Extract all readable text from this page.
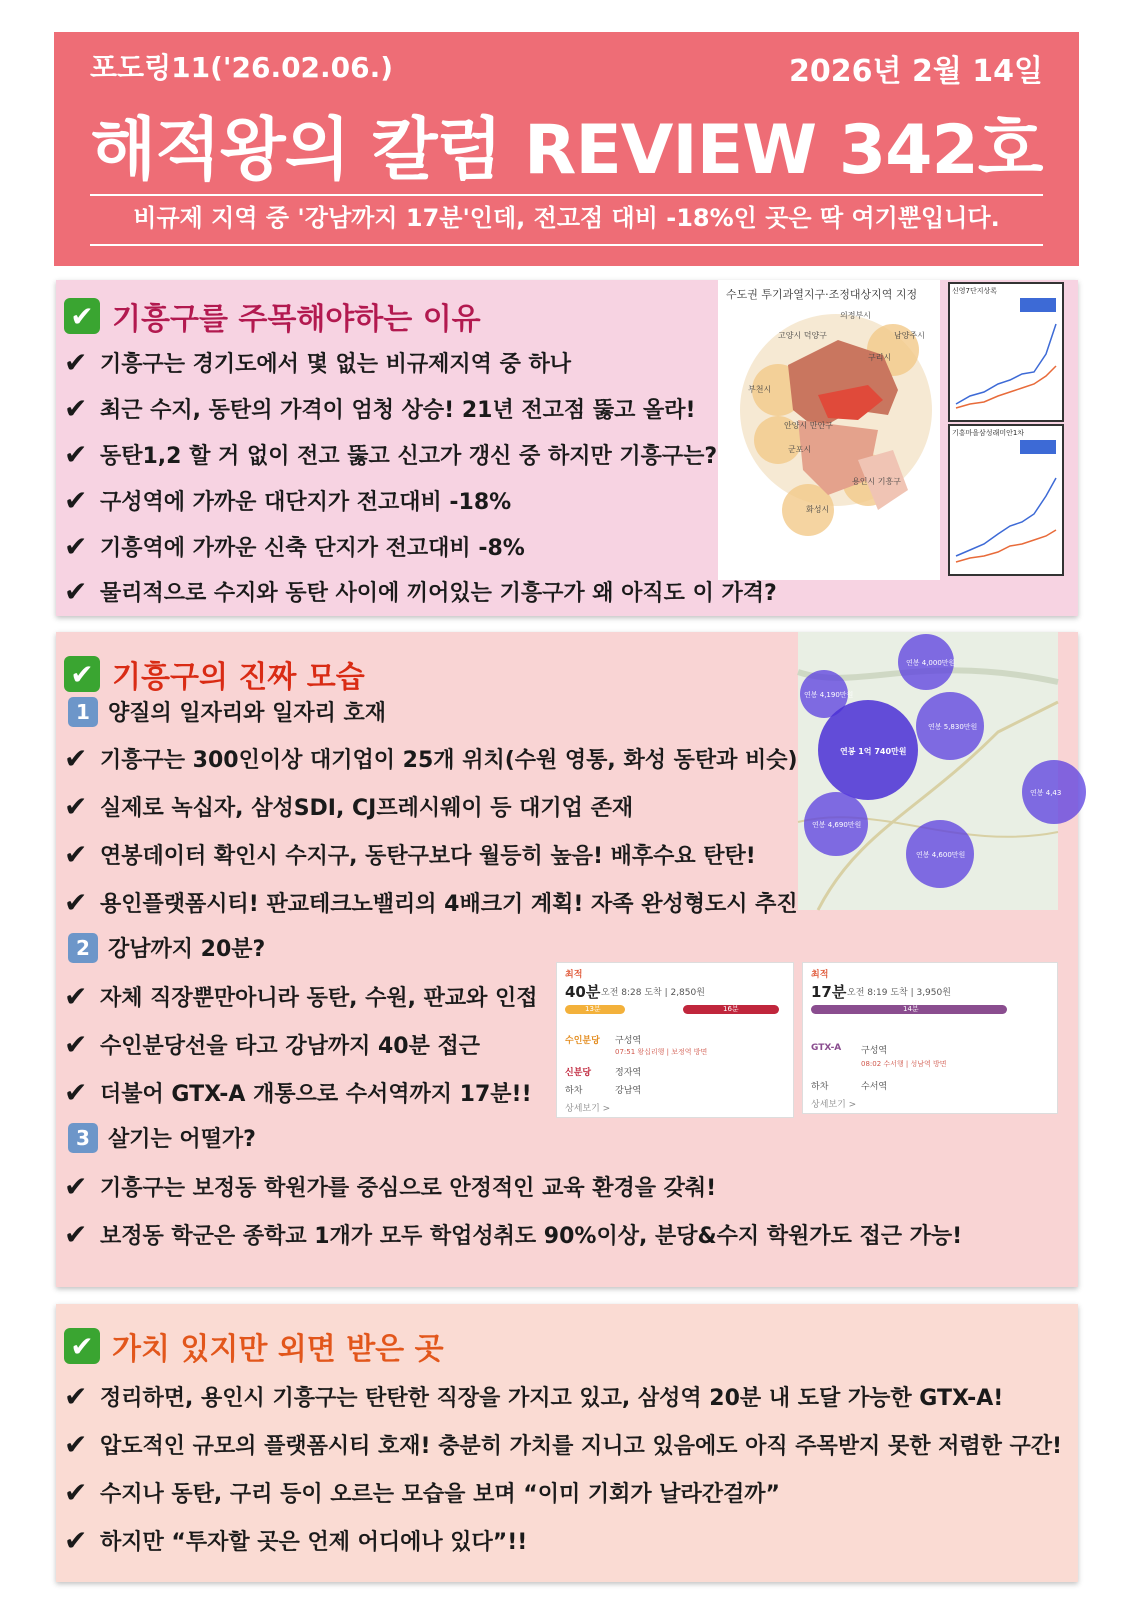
포도링11('26.02.06.)	2026년 2월 14일
해적왕의 칼럼 REVIEW 342호
비규제 지역 중 '강남까지 17분'인데, 전고점 대비 -18%인 곳은 딱 여기뿐입니다.
✔ 기흥구를 주목해야하는 이유
✔ 기흥구는 경기도에서 몇 없는 비규제지역 중 하나
✔ 최근 수지, 동탄의 가격이 엄청 상승! 21년 전고점 뚫고 올라!
✔ 동탄1,2 할 거 없이 전고 뚫고 신고가 갱신 중 하지만 기흥구는?
✔ 구성역에 가까운 대단지가 전고대비 -18%
✔ 기흥역에 가까운 신축 단지가 전고대비 -8%
✔ 물리적으로 수지와 동탄 사이에 끼어있는 기흥구가 왜 아직도 이 가격?
수도권 투기과열지구·조정대상지역 지정
의정부시
고양시 덕양구	남양주시
구리시
부천시
안양시 만안구
군포시
화성시
용인시 기흥구
신영7단지상록
기흥마을삼성래미안1차
✔ 기흥구의 진짜 모습
1 양질의 일자리와 일자리 호재
✔ 기흥구는 300인이상 대기업이 25개 위치(수원 영통, 화성 동탄과 비슷)
✔ 실제로 녹십자, 삼성SDI, CJ프레시웨이 등 대기업 존재
✔ 연봉데이터 확인시 수지구, 동탄구보다 월등히 높음! 배후수요 탄탄!
✔ 용인플랫폼시티! 판교테크노밸리의 4배크기 계획! 자족 완성형도시 추진
2 강남까지 20분?
✔ 자체 직장뿐만아니라 동탄, 수원, 판교와 인접
✔ 수인분당선을 타고 강남까지 40분 접근
✔ 더불어 GTX-A 개통으로 수서역까지 17분!!
3 살기는 어떨가?
✔ 기흥구는 보정동 학원가를 중심으로 안정적인 교육 환경을 갖춰!
✔ 보정동 학군은 종학교 1개가 모두 학업성취도 90%이상, 분당&수지 학원가도 접근 가능!
연봉 4,000만원
연봉 4,190만원
연봉 5,830만원
연봉 1억 740만원
연봉 4,690만원
연봉 4,600만원
연봉 4,43
최적
40분 오전 8:28 도착 | 2,850원
13분	16분
수인분당 구성역
07:51 왕십리행 | 보정역 방면
신분당	정자역
하차	강남역
상세보기 >
최적
17분 오전 8:19 도착 | 3,950원
14분
GTX-A 구성역
08:02 수서행 | 성남역 방면
하차	수서역
상세보기 >
✔ 가치 있지만 외면 받은 곳
✔ 정리하면, 용인시 기흥구는 탄탄한 직장을 가지고 있고, 삼성역 20분 내 도달 가능한 GTX-A!
✔ 압도적인 규모의 플랫폼시티 호재! 충분히 가치를 지니고 있음에도 아직 주목받지 못한 저렴한 구간!
✔ 수지나 동탄, 구리 등이 오르는 모습을 보며 “이미 기회가 날라간걸까”
✔ 하지만 “투자할 곳은 언제 어디에나 있다”!!
